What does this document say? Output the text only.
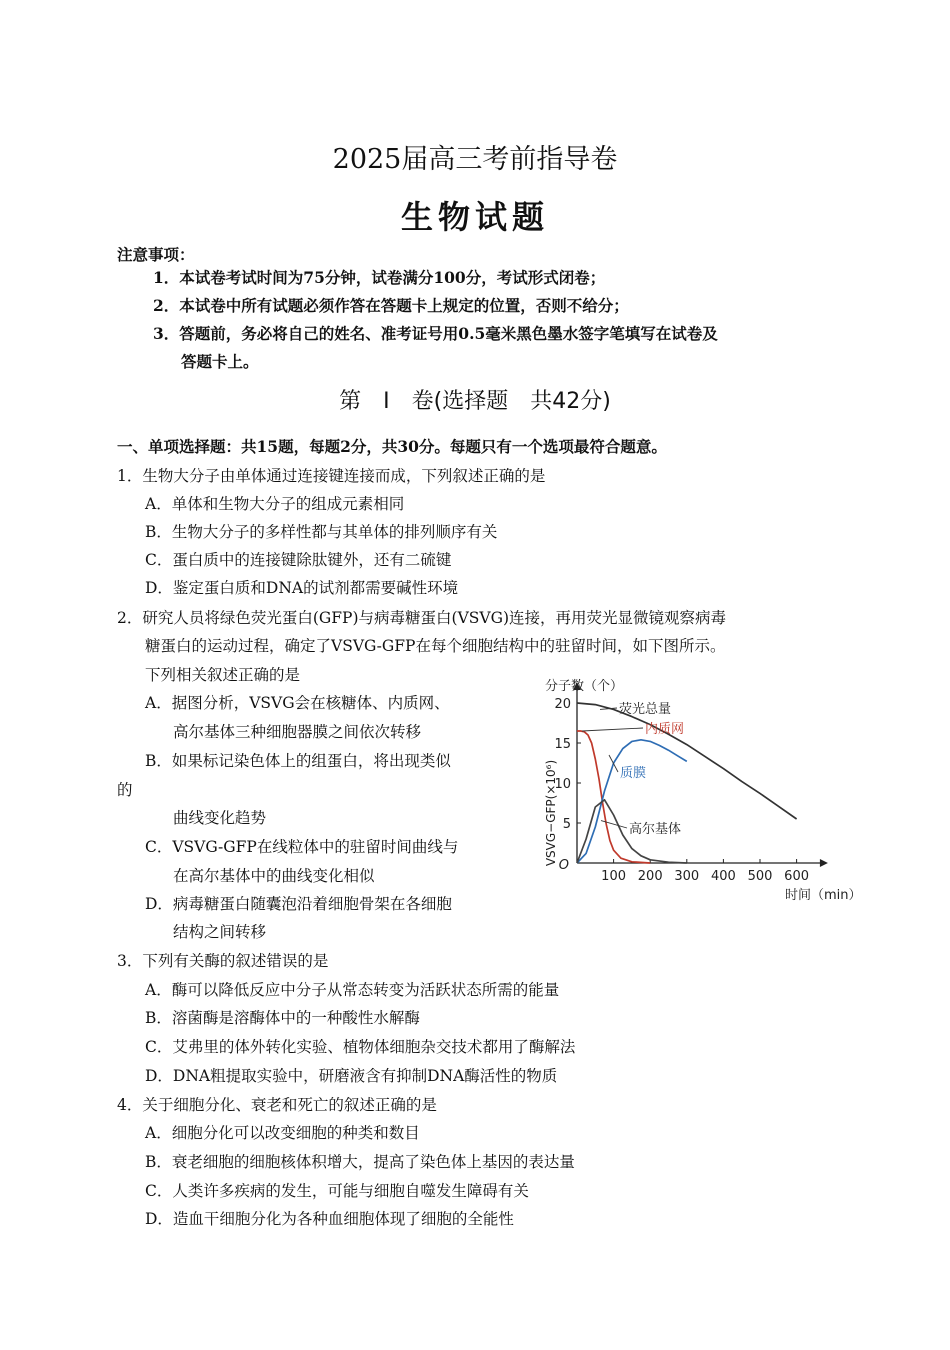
2025届高三考前指导卷
生物试题
注意事项：
1．本试卷考试时间为75分钟，试卷满分100分，考试形式闭卷；
2．本试卷中所有试题必须作答在答题卡上规定的位置，否则不给分；
3．答题前，务必将自己的姓名、准考证号用0.5毫米黑色墨水签字笔填写在试卷及
答题卡上。
第　Ⅰ　卷(选择题　共42分)
一、单项选择题：共15题，每题2分，共30分。每题只有一个选项最符合题意。
1．生物大分子由单体通过连接键连接而成，下列叙述正确的是
A．单体和生物大分子的组成元素相同
B．生物大分子的多样性都与其单体的排列顺序有关
C．蛋白质中的连接键除肽键外，还有二硫键
D．鉴定蛋白质和DNA的试剂都需要碱性环境
2．研究人员将绿色荧光蛋白(GFP)与病毒糖蛋白(VSVG)连接，再用荧光显微镜观察病毒
糖蛋白的运动过程，确定了VSVG-GFP在每个细胞结构中的驻留时间，如下图所示。
下列相关叙述正确的是
A．据图分析，VSVG会在核糖体、内质网、
高尔基体三种细胞器膜之间依次转移
B．如果标记染色体上的组蛋白，将出现类似
的
曲线变化趋势
C．VSVG-GFP在线粒体中的驻留时间曲线与
在高尔基体中的曲线变化相似
D．病毒糖蛋白随囊泡沿着细胞骨架在各细胞
结构之间转移
100 200 300 400 500 600
5
10
15
20
O
分子数（个）
时间（min）
VSVG−GFP(×10⁶)
荧光总量
内质网
质膜
高尔基体
3．下列有关酶的叙述错误的是
A．酶可以降低反应中分子从常态转变为活跃状态所需的能量
B．溶菌酶是溶酶体中的一种酸性水解酶
C．艾弗里的体外转化实验、植物体细胞杂交技术都用了酶解法
D．DNA粗提取实验中，研磨液含有抑制DNA酶活性的物质
4．关于细胞分化、衰老和死亡的叙述正确的是
A．细胞分化可以改变细胞的种类和数目
B．衰老细胞的细胞核体积增大，提高了染色体上基因的表达量
C．人类许多疾病的发生，可能与细胞自噬发生障碍有关
D．造血干细胞分化为各种血细胞体现了细胞的全能性
